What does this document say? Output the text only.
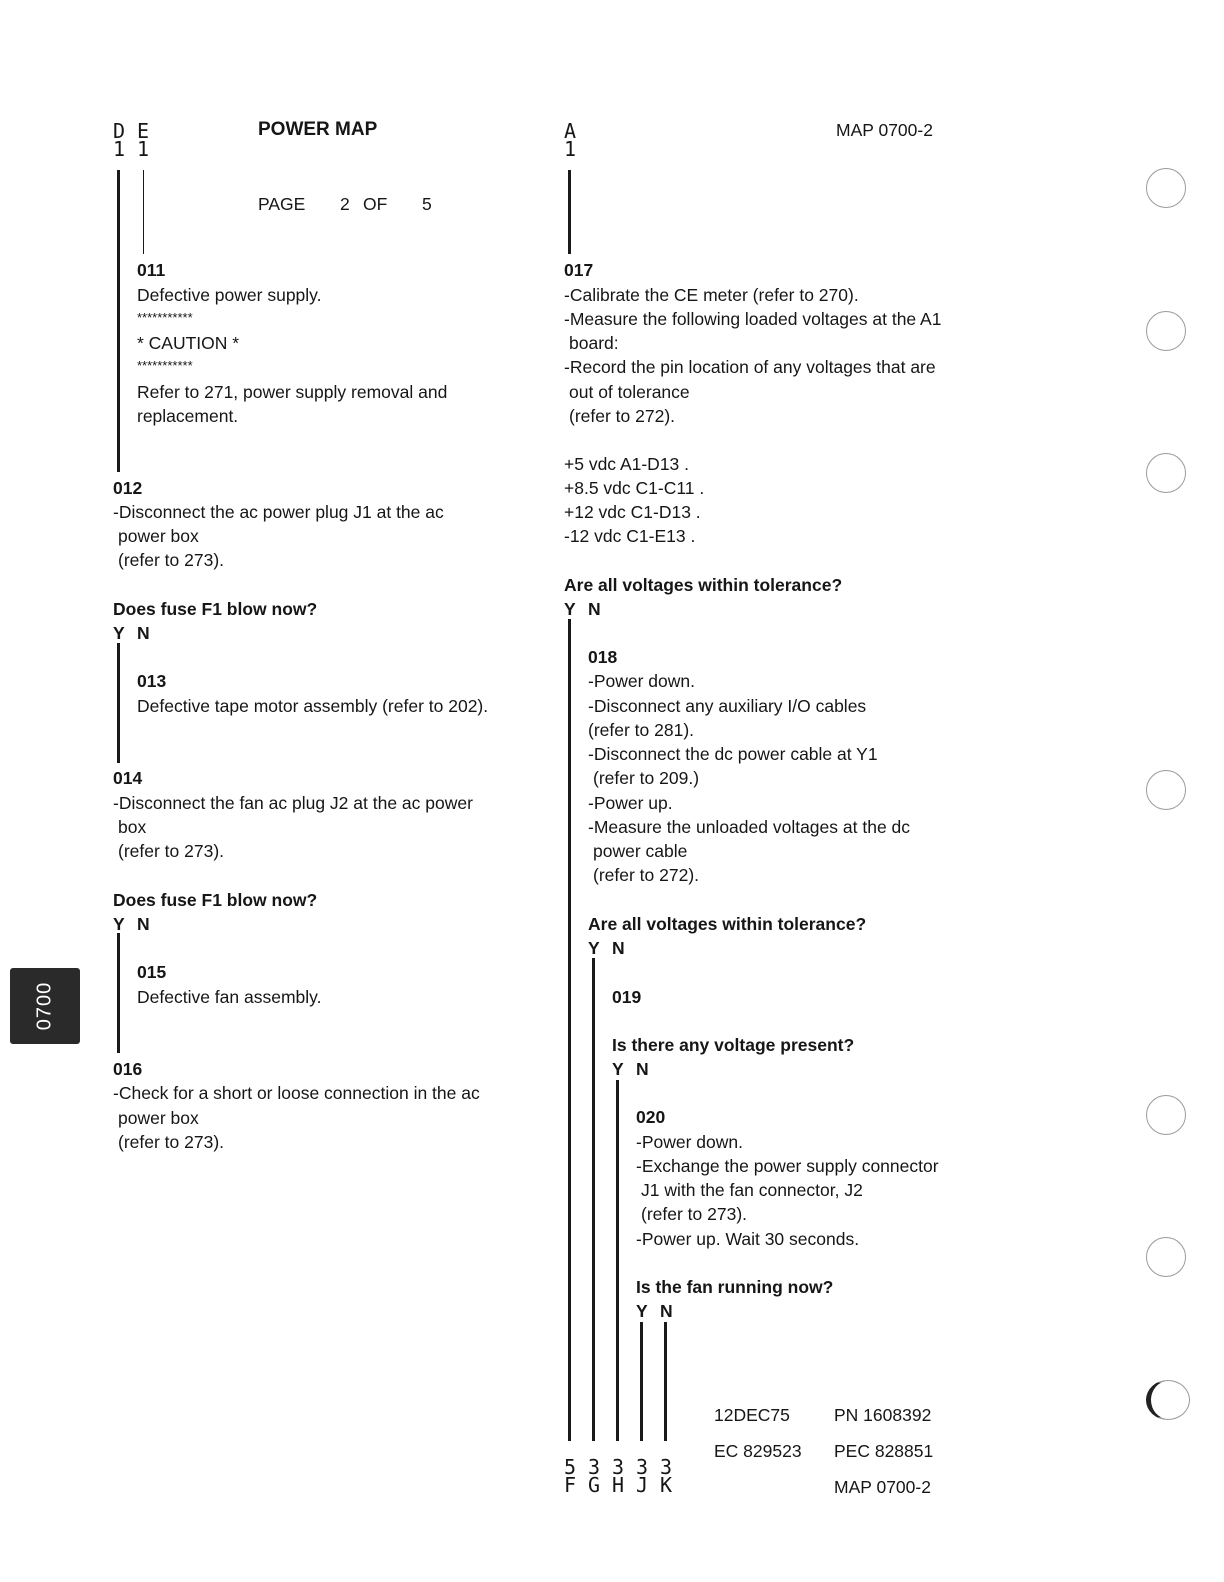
0700
D
1
E
1
POWER MAP
PAGE 2 OF 5
A
1
MAP 0700-2
011
Defective power supply.
***********
* CAUTION *
***********
Refer to 271, power supply removal and
replacement.
012
-Disconnect the ac power plug J1 at the ac
power box
(refer to 273).
Does fuse F1 blow now?
Y N
013
Defective tape motor assembly (refer to 202).
014
-Disconnect the fan ac plug J2 at the ac power
box
(refer to 273).
Does fuse F1 blow now?
Y N
015
Defective fan assembly.
016
-Check for a short or loose connection in the ac
power box
(refer to 273).
017
-Calibrate the CE meter (refer to 270).
-Measure the following loaded voltages at the A1
board:
-Record the pin location of any voltages that are
out of tolerance
(refer to 272).
+5 vdc A1-D13 .
+8.5 vdc C1-C11 .
+12 vdc C1-D13 .
-12 vdc C1-E13 .
Are all voltages within tolerance?
Y N
018
-Power down.
-Disconnect any auxiliary I/O cables
(refer to 281).
-Disconnect the dc power cable at Y1
(refer to 209.)
-Power up.
-Measure the unloaded voltages at the dc
power cable
(refer to 272).
Are all voltages within tolerance?
Y N
019
Is there any voltage present?
Y N
020
-Power down.
-Exchange the power supply connector
J1 with the fan connector, J2
(refer to 273).
-Power up. Wait 30 seconds.
Is the fan running now?
Y N
5
F
3
G
3
H
3
J
3
K
12DEC75	PN 1608392
EC 829523 PEC 828851
MAP 0700-2
